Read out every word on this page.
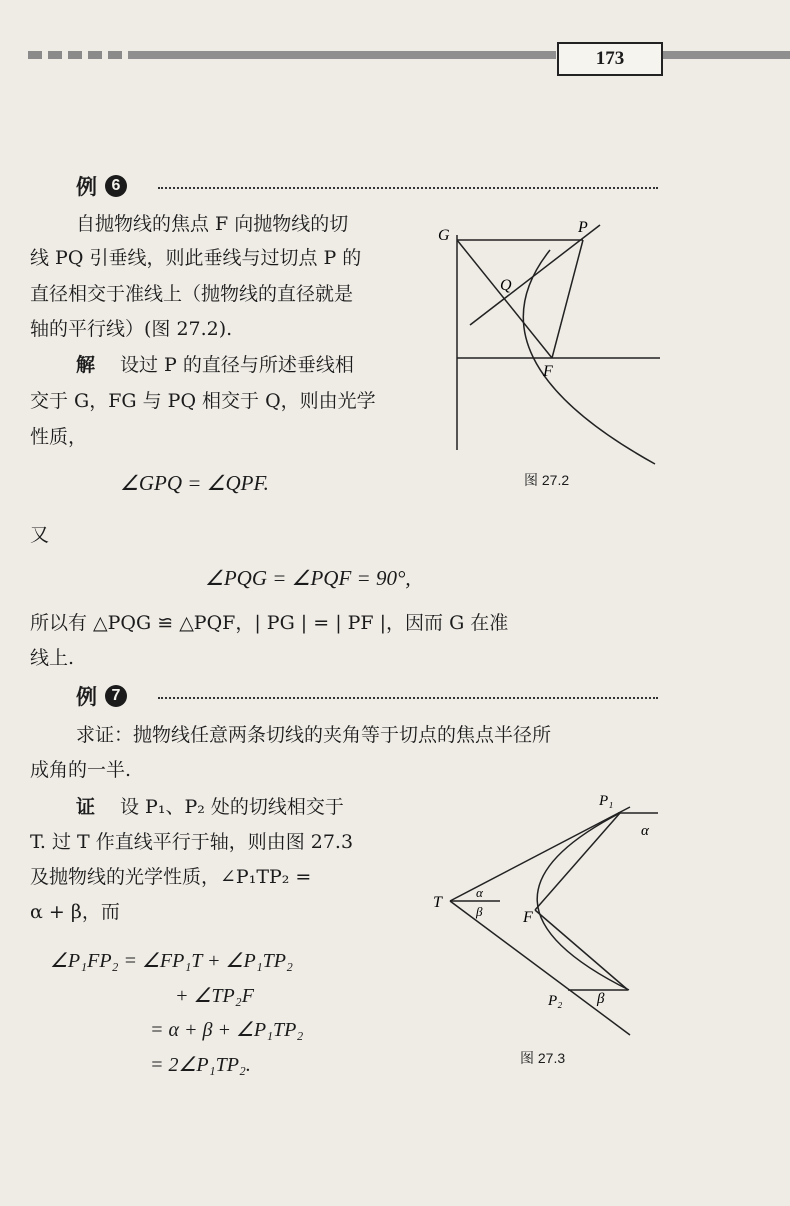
173
例 6
自抛物线的焦点 F 向抛物线的切
线 PQ 引垂线，则此垂线与过切点 P 的
直径相交于准线上（抛物线的直径就是
轴的平行线）(图 27.2).
解 设过 P 的直径与所述垂线相
交于 G，FG 与 PQ 相交于 Q，则由光学
性质，
∠GPQ = ∠QPF.
又
∠PQG = ∠PQF = 90°,
所以有 △PQG ≌ △PQF，| PG | = | PF |，因而 G 在准
线上.
G	P
Q
F
图 27.2
例 7
求证：抛物线任意两条切线的夹角等于切点的焦点半径所
成角的一半.
证 设 P₁、P₂ 处的切线相交于
T. 过 T 作直线平行于轴，则由图 27.3
及抛物线的光学性质，∠P₁TP₂ =
α + β，而
∠P₁FP₂ = ∠FP₁T + ∠P₁TP₂
+ ∠TP₂F
= α + β + ∠P₁TP₂
= 2∠P₁TP₂.
T
α
β
P₁
α
F
P₂ β
图 27.3
